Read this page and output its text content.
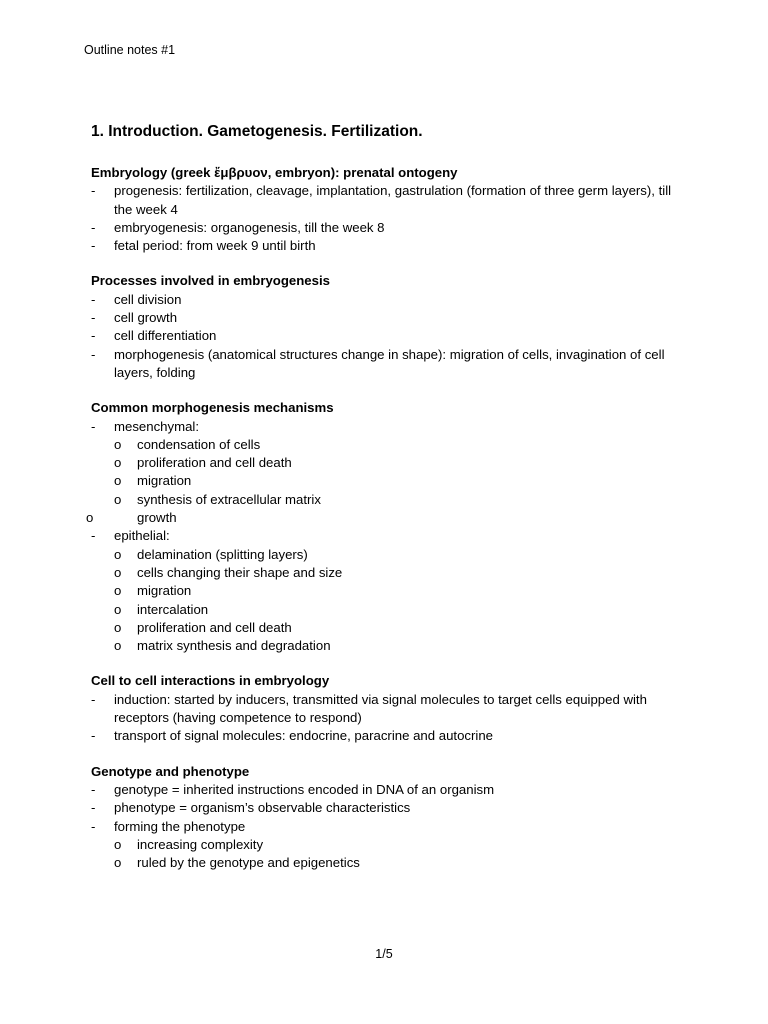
Outline notes #1
1. Introduction. Gametogenesis. Fertilization.
Embryology (greek ἔμβρυον, embryon): prenatal ontogeny
- progenesis: fertilization, cleavage, implantation, gastrulation (formation of three germ layers), till the week 4
- embryogenesis: organogenesis, till the week 8
- fetal period: from week 9 until birth
Processes involved in embryogenesis
- cell division
- cell growth
- cell differentiation
- morphogenesis (anatomical structures change in shape): migration of cells, invagination of cell layers, folding
Common morphogenesis mechanisms
- mesenchymal:
o condensation of cells
o proliferation and cell death
o migration
o synthesis of extracellular matrix
o	growth
- epithelial:
o delamination (splitting layers)
o cells changing their shape and size
o migration
o intercalation
o proliferation and cell death
o matrix synthesis and degradation
Cell to cell interactions in embryology
- induction: started by inducers, transmitted via signal molecules to target cells equipped with receptors (having competence to respond)
- transport of signal molecules: endocrine, paracrine and autocrine
Genotype and phenotype
- genotype = inherited instructions encoded in DNA of an organism
- phenotype = organism’s observable characteristics
- forming the phenotype
o increasing complexity
o ruled by the genotype and epigenetics
1/5
